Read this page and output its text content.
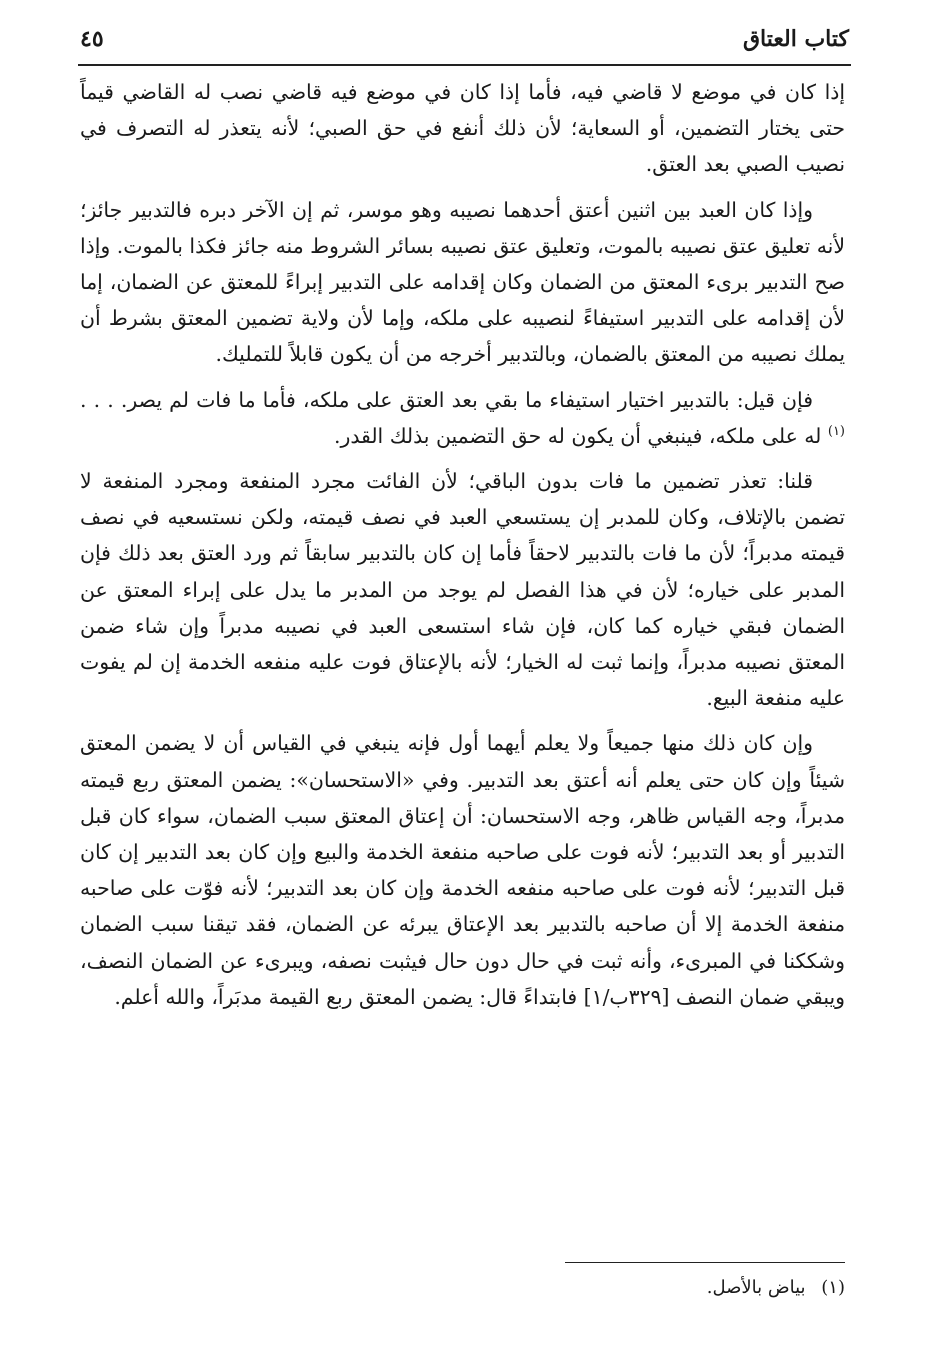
كتاب العتاق
٤٥

إذا كان في موضع لا قاضي فيه، فأما إذا كان في موضع فيه قاضي نصب له القاضي قيماً حتى يختار التضمين، أو السعاية؛ لأن ذلك أنفع في حق الصبي؛ لأنه يتعذر له التصرف في نصيب الصبي بعد العتق.

وإذا كان العبد بين اثنين أعتق أحدهما نصيبه وهو موسر، ثم إن الآخر دبره فالتدبير جائز؛ لأنه تعليق عتق نصيبه بالموت، وتعليق عتق نصيبه بسائر الشروط منه جائز فكذا بالموت. وإذا صح التدبير برىء المعتق من الضمان وكان إقدامه على التدبير إبراءً للمعتق عن الضمان، إما لأن إقدامه على التدبير استيفاءً لنصيبه على ملكه، وإما لأن ولاية تضمين المعتق بشرط أن يملك نصيبه من المعتق بالضمان، وبالتدبير أخرجه من أن يكون قابلاً للتمليك.

فإن قيل: بالتدبير اختيار استيفاء ما بقي بعد العتق على ملكه، فأما ما فات لم يصر. . . .$^{(١)}$ له على ملكه، فينبغي أن يكون له حق التضمين بذلك القدر.

قلنا: تعذر تضمين ما فات بدون الباقي؛ لأن الفائت مجرد المنفعة ومجرد المنفعة لا تضمن بالإتلاف، وكان للمدبر إن يستسعي العبد في نصف قيمته، ولكن نستسعيه في نصف قيمته مدبراً؛ لأن ما فات بالتدبير لاحقاً فأما إن كان بالتدبير سابقاً ثم ورد العتق بعد ذلك فإن المدبر على خياره؛ لأن في هذا الفصل لم يوجد من المدبر ما يدل على إبراء المعتق عن الضمان فبقي خياره كما كان، فإن شاء استسعى العبد في نصيبه مدبراً وإن شاء ضمن المعتق نصيبه مدبراً، وإنما ثبت له الخيار؛ لأنه بالإعتاق فوت عليه منفعه الخدمة إن لم يفوت عليه منفعة البيع.

وإن كان ذلك منها جميعاً ولا يعلم أيهما أول فإنه ينبغي في القياس أن لا يضمن المعتق شيئاً وإن كان حتى يعلم أنه أعتق بعد التدبير. وفي «الاستحسان»: يضمن المعتق ربع قيمته مدبراً، وجه القياس ظاهر، وجه الاستحسان: أن إعتاق المعتق سبب الضمان، سواء كان قبل التدبير أو بعد التدبير؛ لأنه فوت على صاحبه منفعة الخدمة والبيع وإن كان بعد التدبير إن كان قبل التدبير؛ لأنه فوت على صاحبه منفعه الخدمة وإن كان بعد التدبير؛ لأنه فوّت على صاحبه منفعة الخدمة إلا أن صاحبه بالتدبير بعد الإعتاق يبرئه عن الضمان، فقد تيقنا سبب الضمان وشككنا في المبرىء، وأنه ثبت في حال دون حال فيثبت نصفه، ويبرىء عن الضمان النصف، ويبقي ضمان النصف [٣٢٩ب/١] فابتداءً قال: يضمن المعتق ربع القيمة مدبَراً، والله أعلم.

(١) بياض بالأصل.
